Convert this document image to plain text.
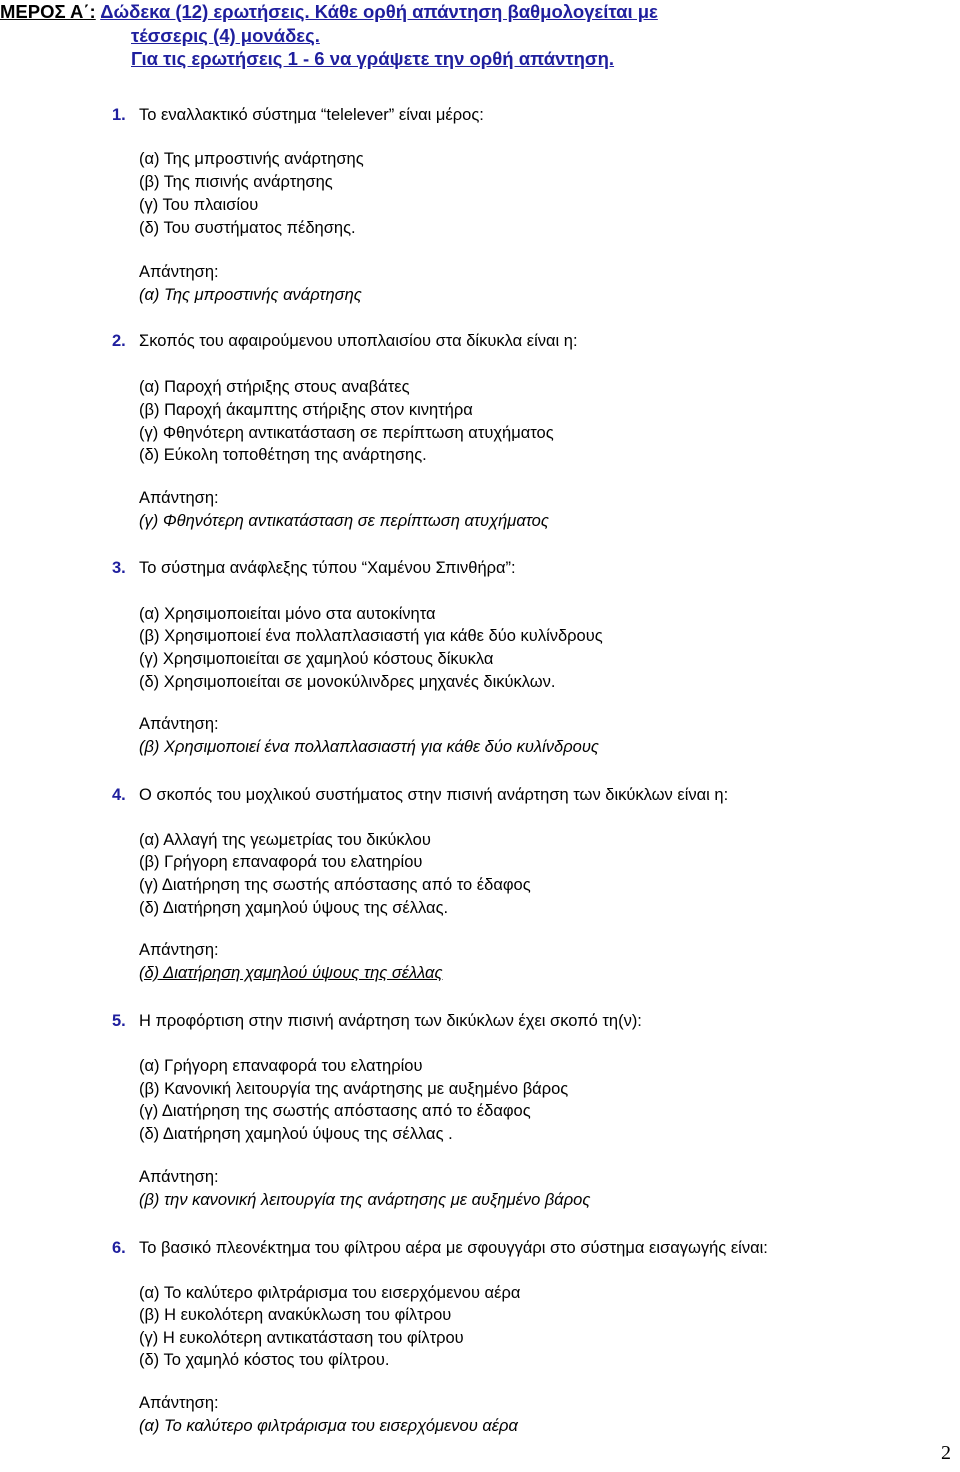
ΜΕΡΟΣ Α΄: Δώδεκα (12) ερωτήσεις. Κάθε ορθή απάντηση βαθμολογείται με
τέσσερις (4) μονάδες.
Για τις ερωτήσεις 1 - 6 να γράψετε την ορθή απάντηση.
1. Το εναλλακτικό σύστημα “telelever” είναι μέρος:
(α) Της μπροστινής ανάρτησης
(β) Της πισινής ανάρτησης
(γ) Του πλαισίου
(δ) Του συστήματος πέδησης.
Απάντηση:
(α) Της μπροστινής ανάρτησης
2. Σκοπός του αφαιρούμενου υποπλαισίου στα δίκυκλα είναι η:
(α) Παροχή στήριξης στους αναβάτες
(β) Παροχή άκαμπτης στήριξης στον κινητήρα
(γ) Φθηνότερη αντικατάσταση σε περίπτωση ατυχήματος
(δ) Εύκολη τοποθέτηση της ανάρτησης.
Απάντηση:
(γ) Φθηνότερη αντικατάσταση σε περίπτωση ατυχήματος
3. Το σύστημα ανάφλεξης τύπου “Χαμένου Σπινθήρα”:
(α) Χρησιμοποιείται μόνο στα αυτοκίνητα
(β) Χρησιμοποιεί ένα πολλαπλασιαστή για κάθε δύο κυλίνδρους
(γ) Χρησιμοποιείται σε χαμηλού κόστους δίκυκλα
(δ) Χρησιμοποιείται σε μονοκύλινδρες μηχανές δικύκλων.
Απάντηση:
(β) Χρησιμοποιεί ένα πολλαπλασιαστή για κάθε δύο κυλίνδρους
4. Ο σκοπός του μοχλικού συστήματος στην πισινή ανάρτηση των δικύκλων είναι η:
(α) Αλλαγή της γεωμετρίας του δικύκλου
(β) Γρήγορη επαναφορά του ελατηρίου
(γ) Διατήρηση της σωστής απόστασης από το έδαφος
(δ) Διατήρηση χαμηλού ύψους της σέλλας.
Απάντηση:
(δ) Διατήρηση χαμηλού ύψους της σέλλας
5. Η προφόρτιση στην πισινή ανάρτηση των δικύκλων έχει σκοπό τη(ν):
(α) Γρήγορη επαναφορά του ελατηρίου
(β) Κανονική λειτουργία της ανάρτησης με αυξημένο βάρος
(γ) Διατήρηση της σωστής απόστασης από το έδαφος
(δ) Διατήρηση χαμηλού ύψους της σέλλας .
Απάντηση:
(β) την κανονική λειτουργία της ανάρτησης με αυξημένο βάρος
6. Το βασικό πλεονέκτημα του φίλτρου αέρα με σφουγγάρι στο σύστημα εισαγωγής είναι:
(α) Το καλύτερο φιλτράρισμα του εισερχόμενου αέρα
(β) Η ευκολότερη ανακύκλωση του φίλτρου
(γ) Η ευκολότερη αντικατάσταση του φίλτρου
(δ) Το χαμηλό κόστος του φίλτρου.
Απάντηση:
(α) Το καλύτερο φιλτράρισμα του εισερχόμενου αέρα
2
